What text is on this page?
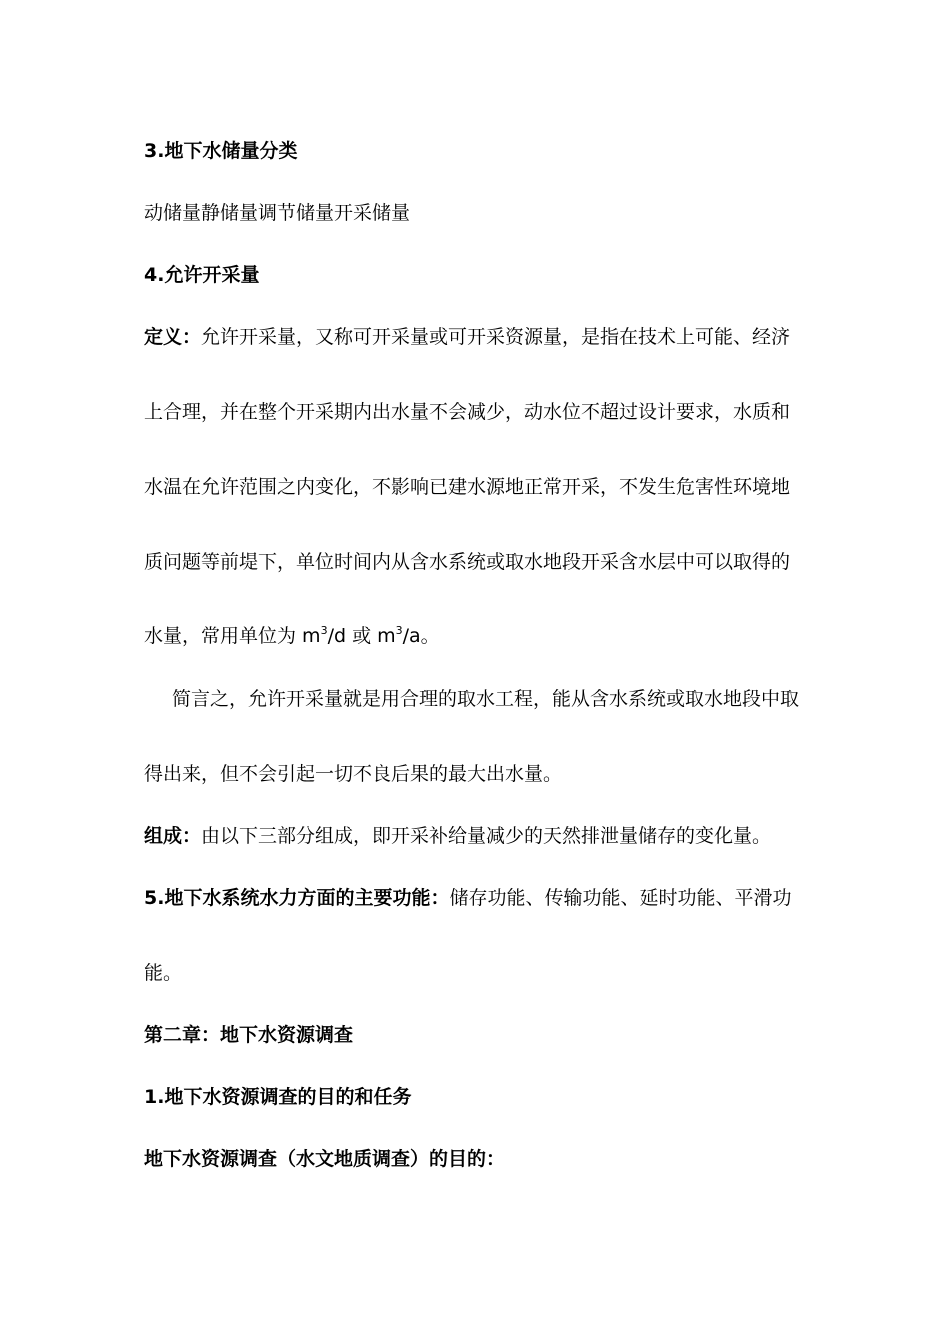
3.地下水储量分类
动储量静储量调节储量开采储量
4.允许开采量
定义：允许开采量，又称可开采量或可开采资源量，是指在技术上可能、经济
上合理，并在整个开采期内出水量不会减少，动水位不超过设计要求，水质和
水温在允许范围之内变化，不影响已建水源地正常开采，不发生危害性环境地
质问题等前堤下，单位时间内从含水系统或取水地段开采含水层中可以取得的
水量，常用单位为 $m^3/d$ 或 $m^3/a$。
简言之，允许开采量就是用合理的取水工程，能从含水系统或取水地段中取
得出来，但不会引起一切不良后果的最大出水量。
组成：由以下三部分组成，即开采补给量减少的天然排泄量储存的变化量。
5.地下水系统水力方面的主要功能：储存功能、传输功能、延时功能、平滑功
能。
第二章：地下水资源调查
1.地下水资源调查的目的和任务
地下水资源调查（水文地质调查）的目的：
